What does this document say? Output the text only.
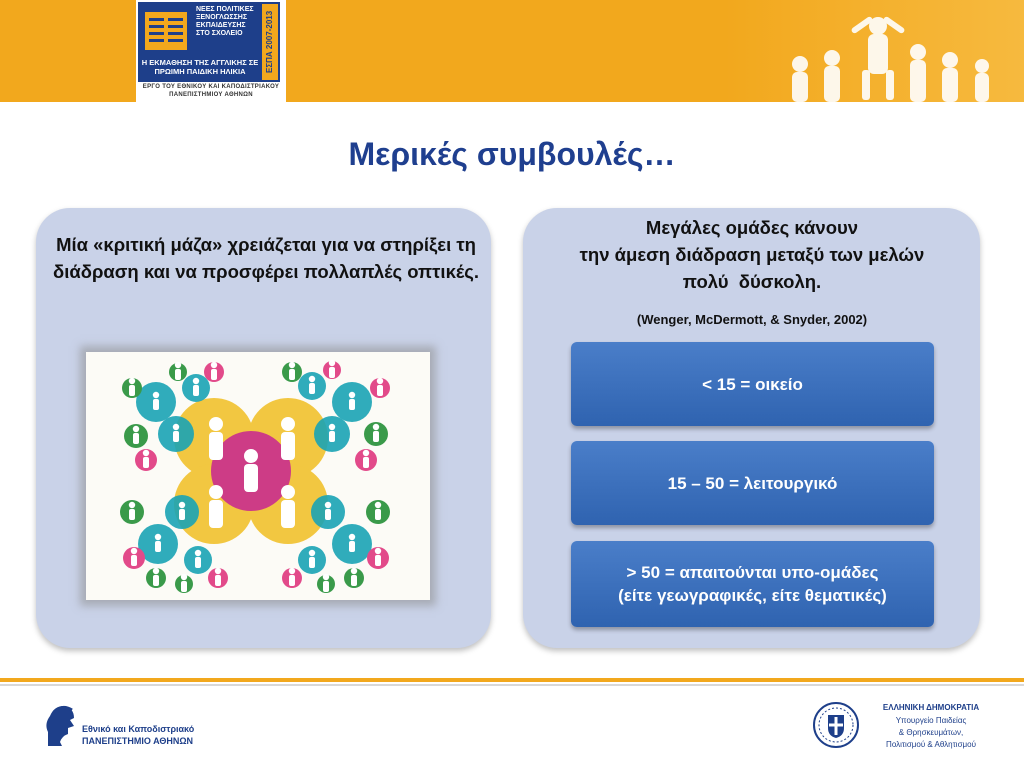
ΝΕΕΣ ΠΟΛΙΤΙΚΕΣ ΞΕΝΟΓΛΩΣΣΗΣ ΕΚΠΑΙΔΕΥΣΗΣ ΣΤΟ ΣΧΟΛΕΙΟ	ΕΣΠΑ 2007-2013
Η ΕΚΜΑΘΗΣΗ ΤΗΣ ΑΓΓΛΙΚΗΣ ΣΕ ΠΡΩΙΜΗ ΠΑΙΔΙΚΗ ΗΛΙΚΙΑ
ΕΡΓΟ ΤΟΥ ΕΘΝΙΚΟΥ ΚΑΙ ΚΑΠΟΔΙΣΤΡΙΑΚΟΥ
ΠΑΝΕΠΙΣΤΗΜΙΟΥ ΑΘΗΝΩΝ
Μερικές συμβουλές…
Μία «κριτική μάζα» χρειάζεται για να στηρίξει τη διάδραση και να προσφέρει πολλαπλές οπτικές.
Μεγάλες ομάδες κάνουν
την άμεση διάδραση μεταξύ των μελών
πολύ  δύσκολη.
(Wenger, McDermott, & Snyder, 2002)
< 15 = οικείο
15 – 50 = λειτουργικό
> 50 = απαιτούνται υπο-ομάδες
(είτε γεωγραφικές, είτε θεματικές)
Εθνικό και Καποδιστριακό
ΠΑΝΕΠΙΣΤΗΜΙΟ ΑΘΗΝΩΝ
ΕΛΛΗΝΙΚΗ ΔΗΜΟΚΡΑΤΙΑ
Υπουργείο Παιδείας
& Θρησκευμάτων,
Πολιτισμού & Αθλητισμού
